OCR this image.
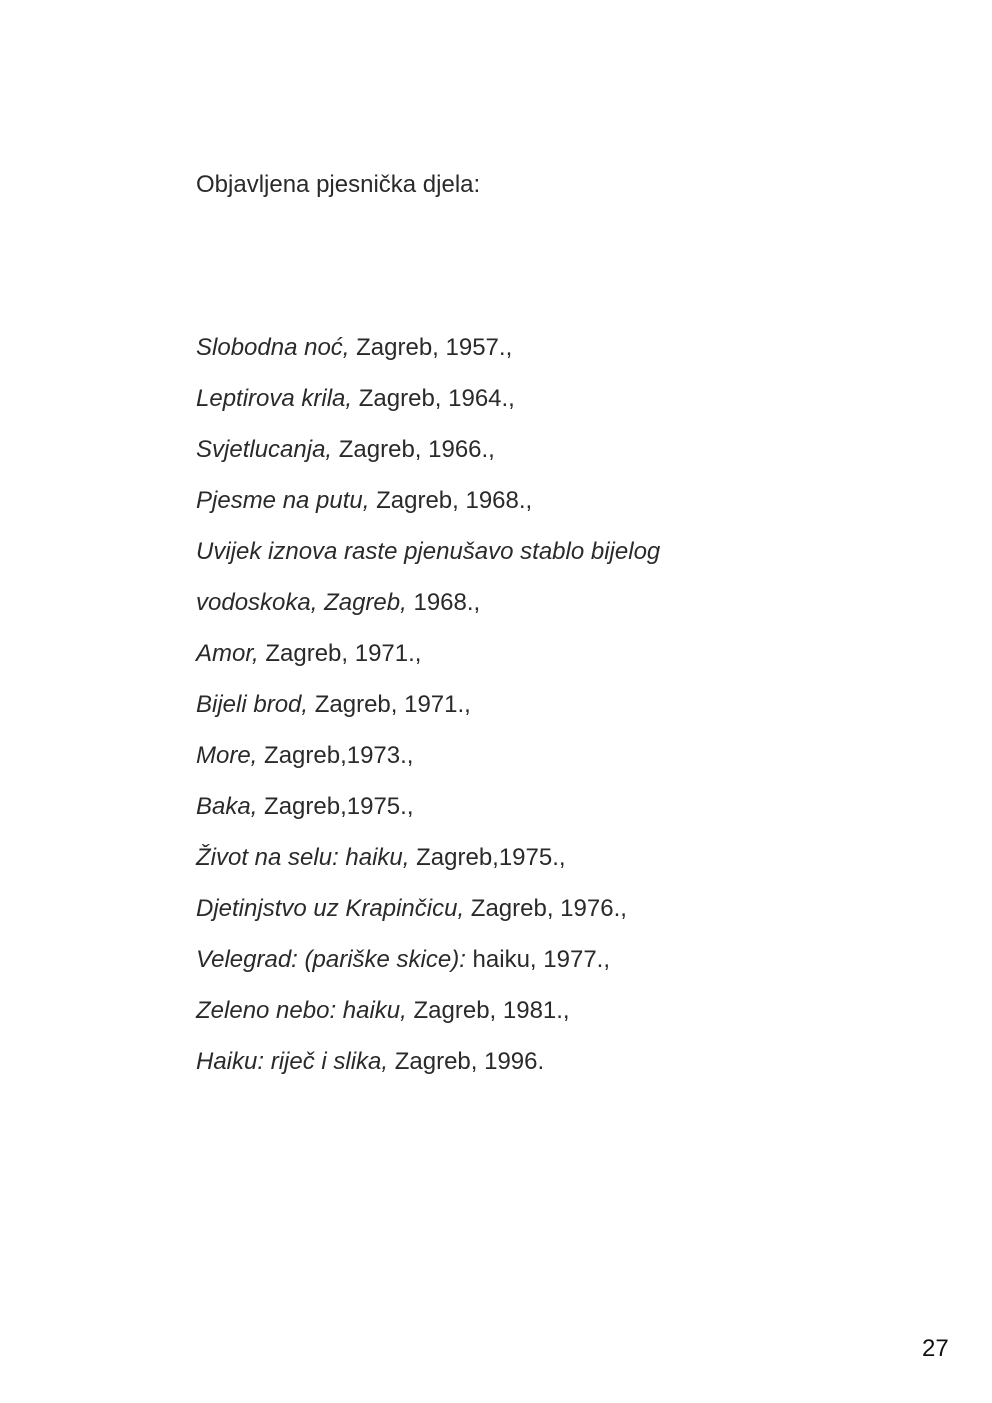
Objavljena pjesnička djela:
Slobodna noć, Zagreb, 1957.,
Leptirova krila, Zagreb, 1964.,
Svjetlucanja, Zagreb, 1966.,
Pjesme na putu, Zagreb, 1968.,
Uvijek iznova raste pjenušavo stablo bijelog
vodoskoka, Zagreb, 1968.,
Amor, Zagreb, 1971.,
Bijeli brod, Zagreb, 1971.,
More, Zagreb,1973.,
Baka, Zagreb,1975.,
Život na selu: haiku, Zagreb,1975.,
Djetinjstvo uz Krapinčicu, Zagreb, 1976.,
Velegrad: (pariške skice): haiku, 1977.,
Zeleno nebo: haiku, Zagreb, 1981.,
Haiku: riječ i slika, Zagreb, 1996.
27
